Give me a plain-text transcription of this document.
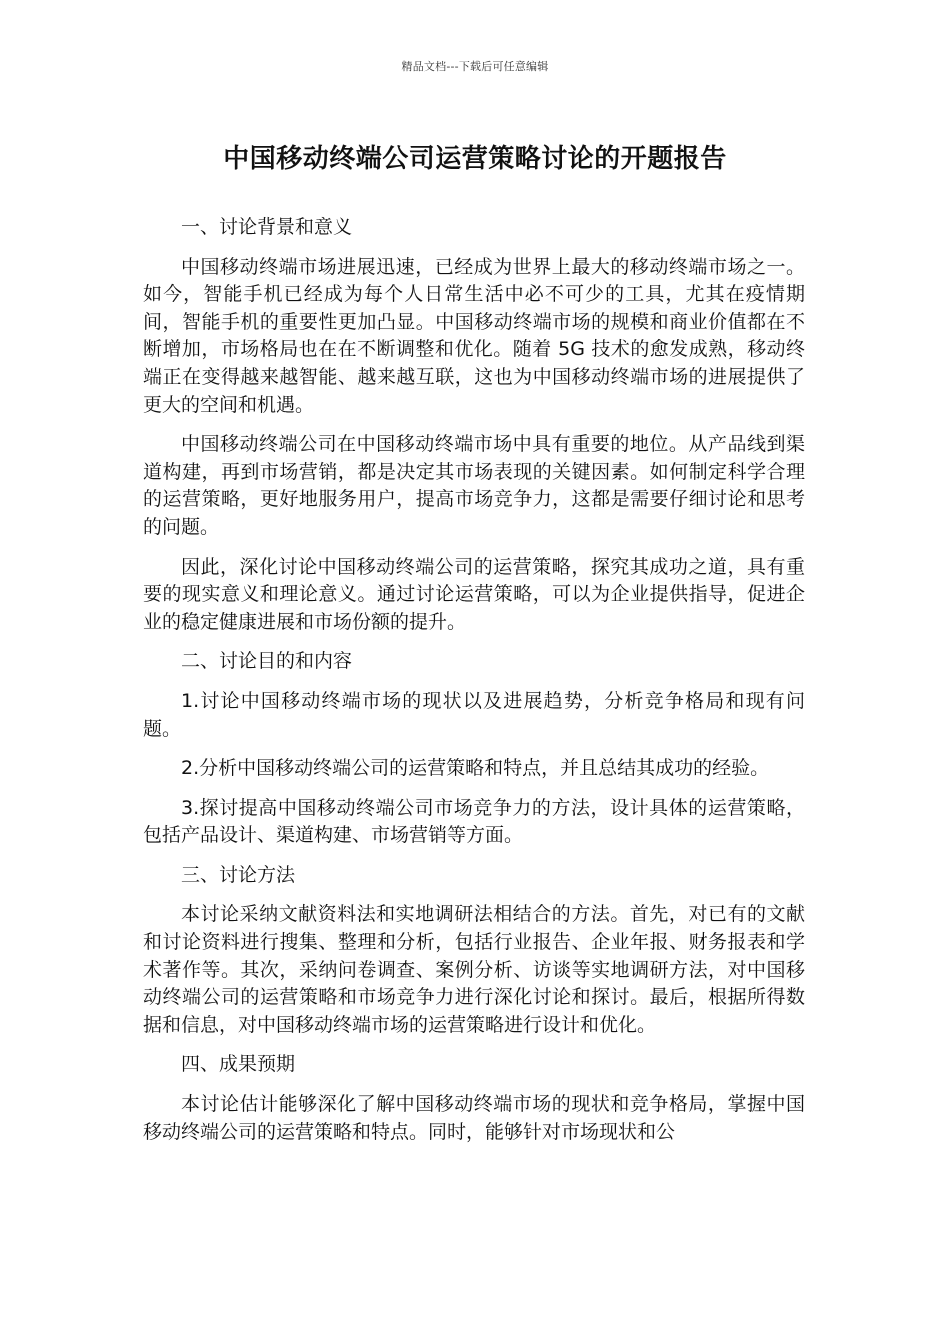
精品文档---下载后可任意编辑
中国移动终端公司运营策略讨论的开题报告

一、讨论背景和意义

中国移动终端市场进展迅速，已经成为世界上最大的移动终端市场之一。如今，智能手机已经成为每个人日常生活中必不可少的工具，尤其在疫情期间，智能手机的重要性更加凸显。中国移动终端市场的规模和商业价值都在不断增加，市场格局也在在不断调整和优化。随着 5G 技术的愈发成熟，移动终端正在变得越来越智能、越来越互联，这也为中国移动终端市场的进展提供了更大的空间和机遇。

中国移动终端公司在中国移动终端市场中具有重要的地位。从产品线到渠道构建，再到市场营销，都是决定其市场表现的关键因素。如何制定科学合理的运营策略，更好地服务用户，提高市场竞争力，这都是需要仔细讨论和思考的问题。

因此，深化讨论中国移动终端公司的运营策略，探究其成功之道，具有重要的现实意义和理论意义。通过讨论运营策略，可以为企业提供指导，促进企业的稳定健康进展和市场份额的提升。

二、讨论目的和内容

1.讨论中国移动终端市场的现状以及进展趋势，分析竞争格局和现有问题。

2.分析中国移动终端公司的运营策略和特点，并且总结其成功的经验。

3.探讨提高中国移动终端公司市场竞争力的方法，设计具体的运营策略，包括产品设计、渠道构建、市场营销等方面。

三、讨论方法

本讨论采纳文献资料法和实地调研法相结合的方法。首先，对已有的文献和讨论资料进行搜集、整理和分析，包括行业报告、企业年报、财务报表和学术著作等。其次，采纳问卷调查、案例分析、访谈等实地调研方法，对中国移动终端公司的运营策略和市场竞争力进行深化讨论和探讨。最后，根据所得数据和信息，对中国移动终端市场的运营策略进行设计和优化。

四、成果预期

本讨论估计能够深化了解中国移动终端市场的现状和竞争格局，掌握中国移动终端公司的运营策略和特点。同时，能够针对市场现状和公
